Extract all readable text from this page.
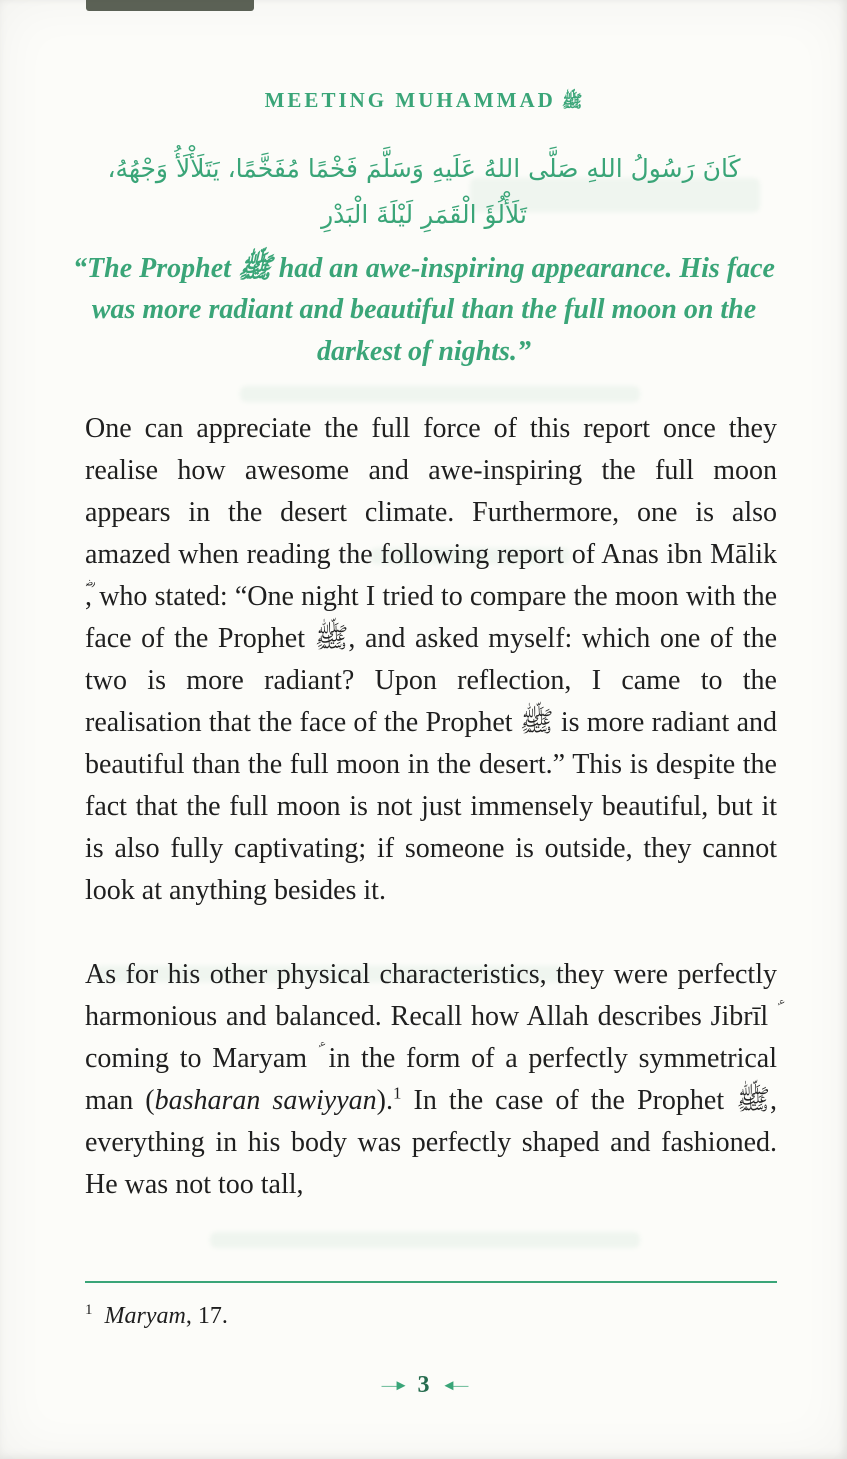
MEETING MUHAMMAD ﷺ
كَانَ رَسُولُ اللهِ صَلَّى اللهُ عَلَيهِ وَسَلَّمَ فَخْمًا مُفَخَّمًا، يَتَلَأْلَأُ وَجْهُهُ،
تَلَأْلُؤَ الْقَمَرِ لَيْلَةَ الْبَدْرِ
“The Prophet ﷺ had an awe-inspiring appearance. His face was more radiant and beautiful than the full moon on the darkest of nights.”

One can appreciate the full force of this report once they realise how awesome and awe-inspiring the full moon appears in the desert climate. Furthermore, one is also amazed when reading the following report of Anas ibn Mālik ؓ, who stated: “One night I tried to compare the moon with the face of the Prophet ﷺ, and asked myself: which one of the two is more radiant? Upon reflection, I came to the realisation that the face of the Prophet ﷺ is more radiant and beautiful than the full moon in the desert.” This is despite the fact that the full moon is not just immensely beautiful, but it is also fully captivating; if someone is outside, they cannot look at anything besides it.

As for his other physical characteristics, they were perfectly harmonious and balanced. Recall how Allah describes Jibrīl ؑ coming to Maryam ؑ in the form of a perfectly symmetrical man (basharan sawiyyan).$^1$ In the case of the Prophet ﷺ, everything in his body was perfectly shaped and fashioned. He was not too tall,

$^1$ Maryam, 17.
—► 3 ◄—
